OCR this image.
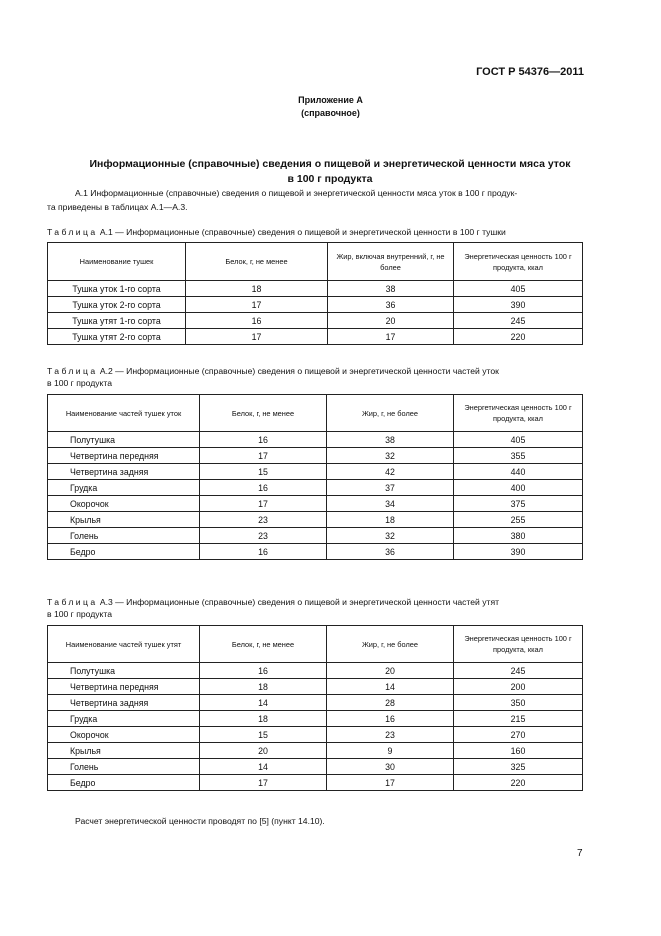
ГОСТ Р 54376—2011
Приложение А
(справочное)
Информационные (справочные) сведения о пищевой и энергетической ценности мяса уток
в 100 г продукта
А.1 Информационные (справочные) сведения о пищевой и энергетической ценности мяса уток в 100 г продук-
та приведены в таблицах А.1—А.3.
Таблица А.1 — Информационные (справочные) сведения о пищевой и энергетической ценности в 100 г тушки
Наименование тушек	Белок, г, не менее	Жир, включая внутренний, г, не более	Энергетическая ценность 100 г продукта, ккал
Тушка уток 1-го сорта	18	38	405
Тушка уток 2-го сорта	17	36	390
Тушка утят 1-го сорта	16	20	245
Тушка утят 2-го сорта	17	17	220
Таблица А.2 — Информационные (справочные) сведения о пищевой и энергетической ценности частей уток
в 100 г продукта
Наименование частей тушек уток	Белок, г, не менее	Жир, г, не более	Энергетическая ценность 100 г продукта, ккал
Полутушка	16	38	405
Четвертина передняя	17	32	355
Четвертина задняя	15	42	440
Грудка	16	37	400
Окорочок	17	34	375
Крылья	23	18	255
Голень	23	32	380
Бедро	16	36	390
Таблица А.3 — Информационные (справочные) сведения о пищевой и энергетической ценности частей утят
в 100 г продукта
Наименование частей тушек утят	Белок, г, не менее	Жир, г, не более	Энергетическая ценность 100 г продукта, ккал
Полутушка	16	20	245
Четвертина передняя	18	14	200
Четвертина задняя	14	28	350
Грудка	18	16	215
Окорочок	15	23	270
Крылья	20	9	160
Голень	14	30	325
Бедро	17	17	220
Расчет энергетической ценности проводят по [5] (пункт 14.10).
7
